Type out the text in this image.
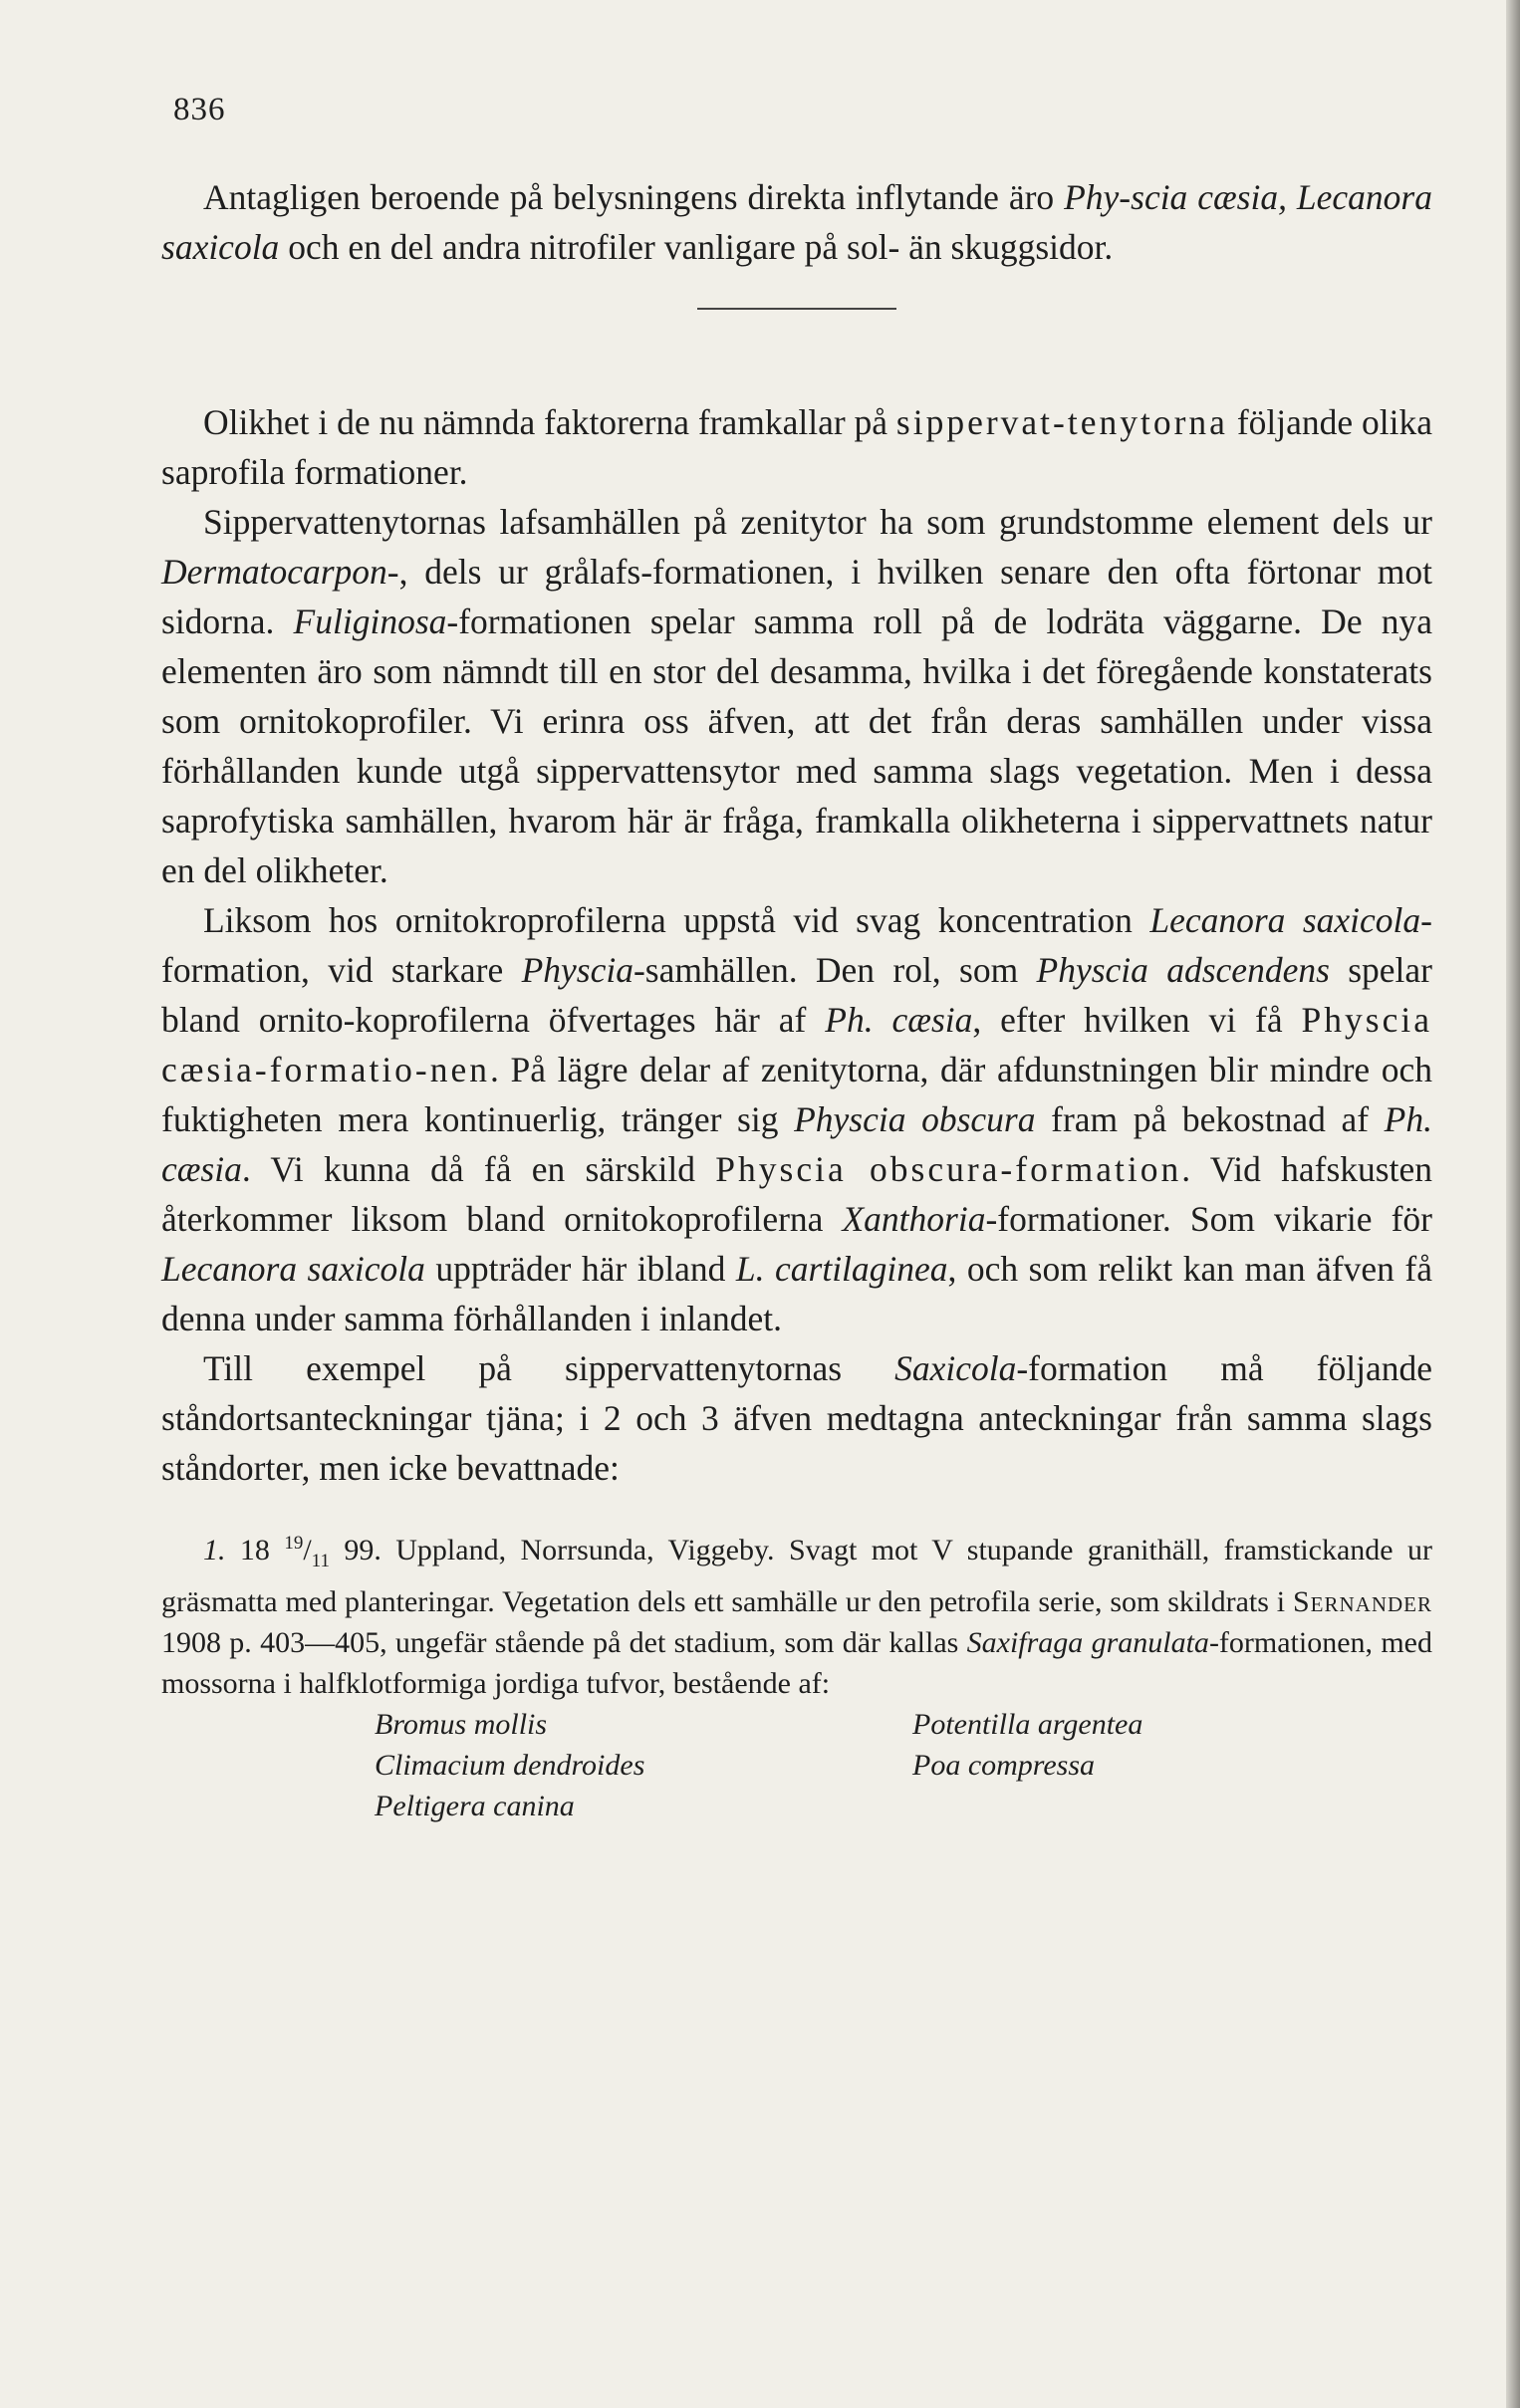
836

Antagligen beroende på belysningens direkta inflytande äro Phy-scia cæsia, Lecanora saxicola och en del andra nitrofiler vanligare på sol- än skuggsidor.

Olikhet i de nu nämnda faktorerna framkallar på sippervat-tenytorna följande olika saprofila formationer.

Sippervattenytornas lafsamhällen på zenitytor ha som grundstomme element dels ur Dermatocarpon-, dels ur grålafs-formationen, i hvilken senare den ofta förtonar mot sidorna. Fuliginosa-formationen spelar samma roll på de lodräta väggarne. De nya elementen äro som nämndt till en stor del desamma, hvilka i det föregående konstaterats som ornitokoprofiler. Vi erinra oss äfven, att det från deras samhällen under vissa förhållanden kunde utgå sippervattensytor med samma slags vegetation. Men i dessa saprofytiska samhällen, hvarom här är fråga, framkalla olikheterna i sippervattnets natur en del olikheter.

Liksom hos ornitokroprofilerna uppstå vid svag koncentration Lecanora saxicola-formation, vid starkare Physcia-samhällen. Den rol, som Physcia adscendens spelar bland ornito-koprofilerna öfvertages här af Ph. cæsia, efter hvilken vi få Physcia cæsia-formatio-nen. På lägre delar af zenitytorna, där afdunstningen blir mindre och fuktigheten mera kontinuerlig, tränger sig Physcia obscura fram på bekostnad af Ph. cæsia. Vi kunna då få en särskild Physcia obscura-formation. Vid hafskusten återkommer liksom bland ornitokoprofilerna Xanthoria-formationer. Som vikarie för Lecanora saxicola uppträder här ibland L. cartilaginea, och som relikt kan man äfven få denna under samma förhållanden i inlandet.

Till exempel på sippervattenytornas Saxicola-formation må följande ståndortsanteckningar tjäna; i 2 och 3 äfven medtagna anteckningar från samma slags ståndorter, men icke bevattnade:

1. 18 $^{19}/_{11}$ 99. Uppland, Norrsunda, Viggeby. Svagt mot V stupande granithäll, framstickande ur gräsmatta med planteringar. Vegetation dels ett samhälle ur den petrofila serie, som skildrats i Sernander 1908 p. 403—405, ungefär stående på det stadium, som där kallas Saxifraga granulata-formationen, med mossorna i halfklotformiga jordiga tufvor, bestående af:

Bromus mollis	Potentilla argentea
Climacium dendroides	Poa compressa
Peltigera canina
